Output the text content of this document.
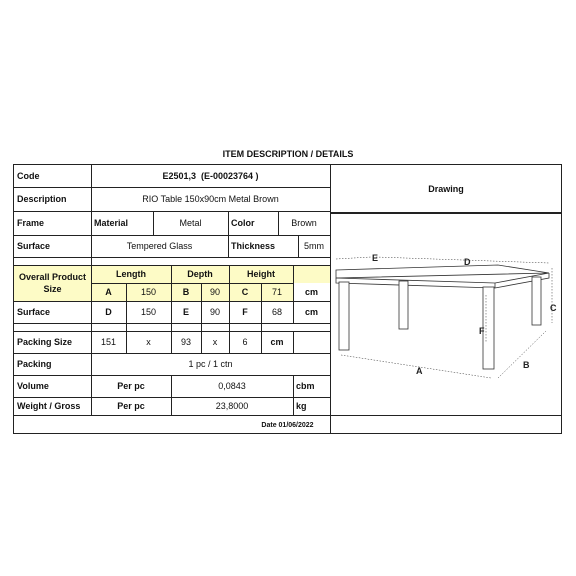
ITEM DESCRIPTION / DETAILS
Code	E2501,3  (E-00023764 )
Description	RIO Table 150x90cm Metal Brown
Frame	Material	Metal	Color	Brown
Surface	Tempered Glass	Thickness	5mm
Overall Product Size
Length	Depth	Height
A	150	B	90	C	71	cm
Surface	D	150	E	90	F	68	cm
Packing Size	151	x	93	x	6	cm
Packing	1 pc / 1 ctn
Volume	Per pc	0,0843	cbm
Weight / Gross	Per pc	23,8000	kg
Drawing
E	D
C
F
A
B
Date 01/06/2022
